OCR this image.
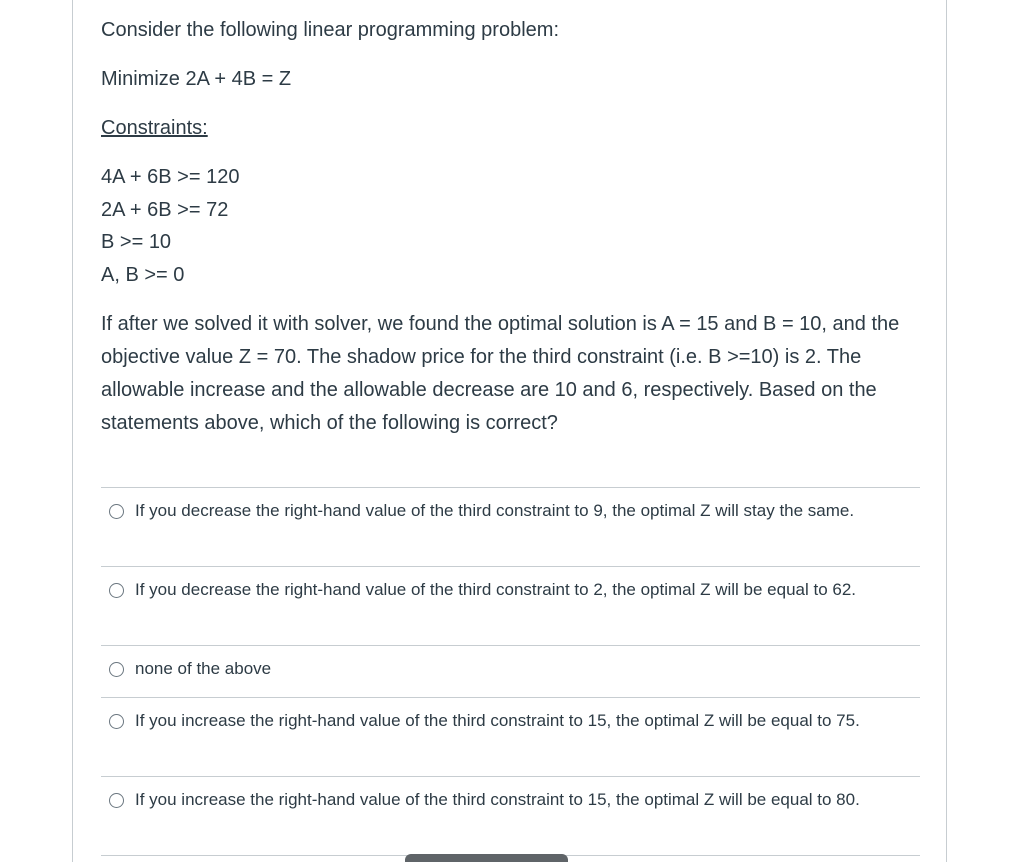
Consider the following linear programming problem:
Minimize 2A + 4B = Z
Constraints:
4A + 6B >= 120
2A + 6B >= 72
B >= 10
A, B >= 0
If after we solved it with solver, we found the optimal solution is A = 15 and B = 10, and the objective value Z = 70. The shadow price for the third constraint (i.e. B >=10) is 2. The allowable increase and the allowable decrease are 10 and 6, respectively. Based on the statements above, which of the following is correct?
If you decrease the right-hand value of the third constraint to 9, the optimal Z will stay the same.
If you decrease the right-hand value of the third constraint to 2, the optimal Z will be equal to 62.
none of the above
If you increase the right-hand value of the third constraint to 15, the optimal Z will be equal to 75.
If you increase the right-hand value of the third constraint to 15, the optimal Z will be equal to 80.
